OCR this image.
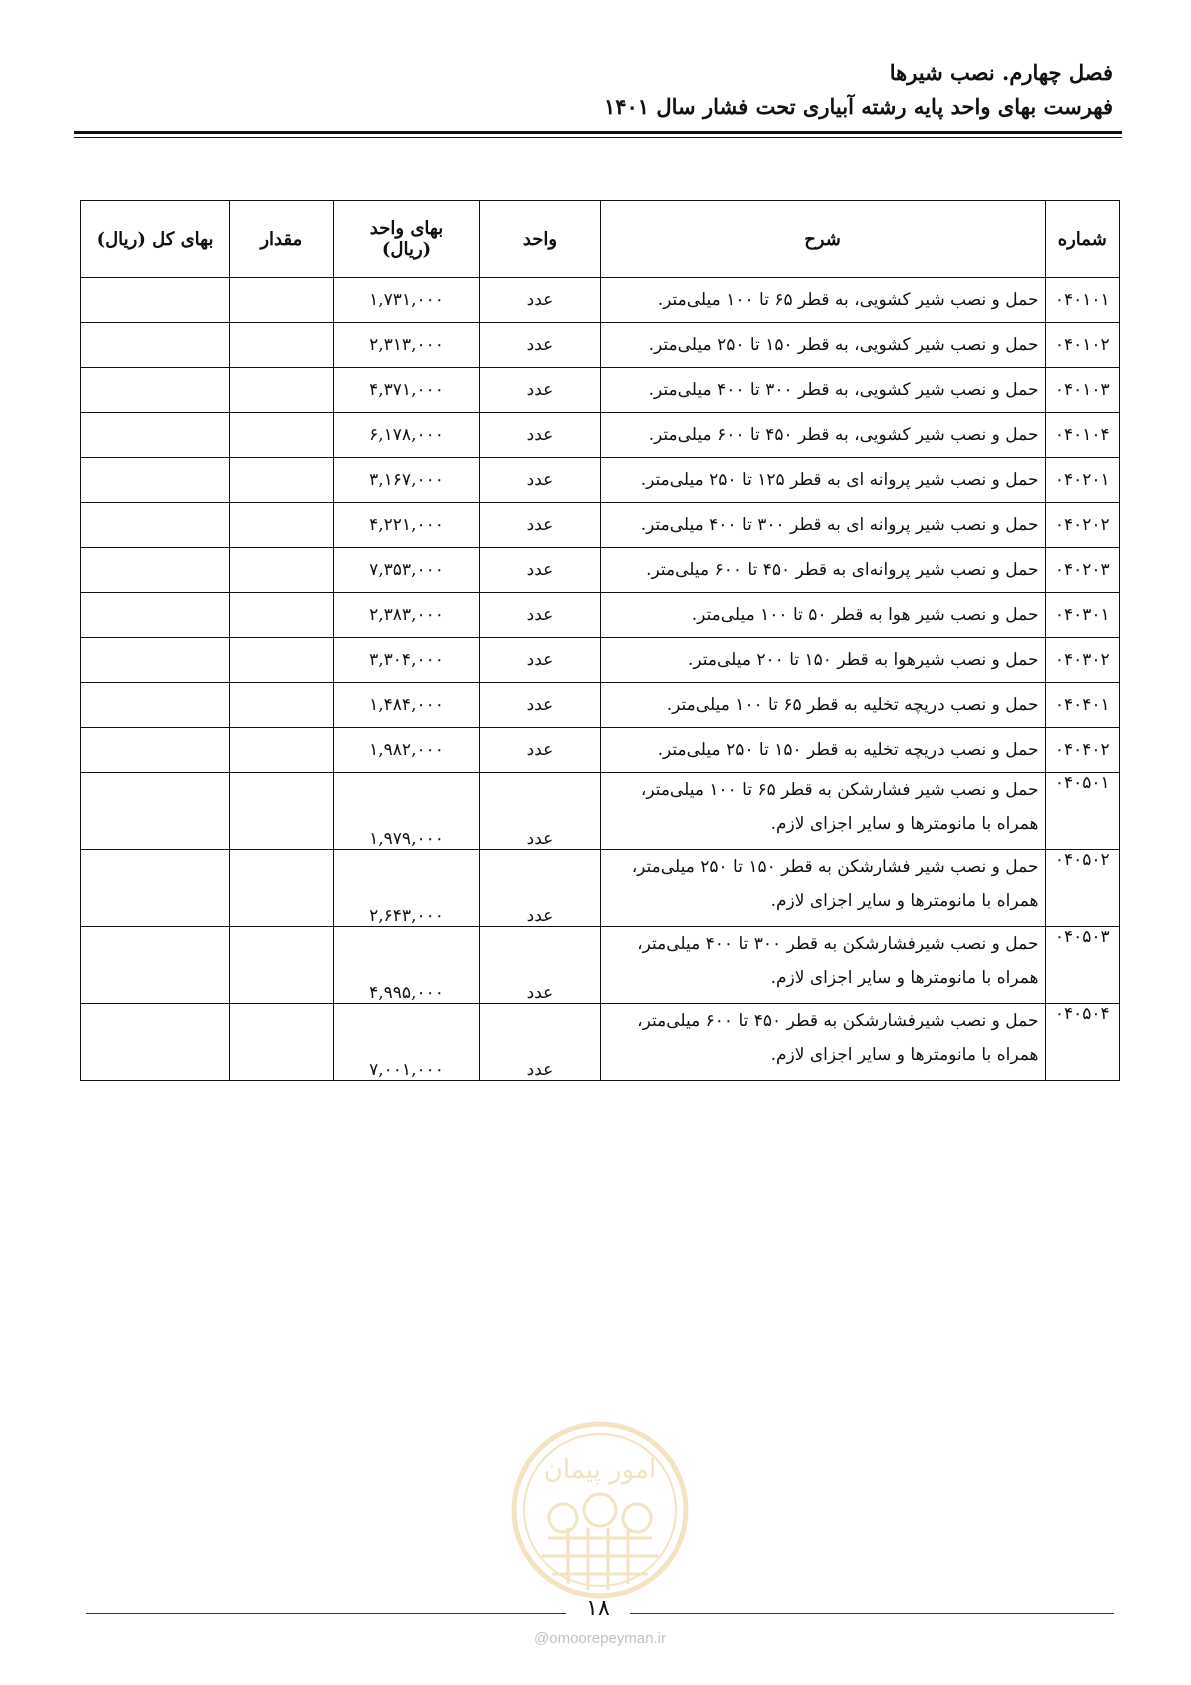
فصل چهارم. نصب شیرها
فهرست بهای واحد پایه رشته آبیاری تحت فشار سال ۱۴۰۱
شماره	شرح	واحد	بهای واحد
(ریال)	مقدار	بهای کل (ریال)
۰۴۰۱۰۱	حمل و نصب شیر کشویی، به قطر ۶۵ تا ۱۰۰ میلی‌متر.	عدد	۱,۷۳۱,۰۰۰		
۰۴۰۱۰۲	حمل و نصب شیر کشویی، به قطر ۱۵۰ تا ۲۵۰ میلی‌متر.	عدد	۲,۳۱۳,۰۰۰		
۰۴۰۱۰۳	حمل و نصب شیر کشویی، به قطر ۳۰۰ تا ۴۰۰ میلی‌متر.	عدد	۴,۳۷۱,۰۰۰		
۰۴۰۱۰۴	حمل و نصب شیر کشویی، به قطر ۴۵۰ تا ۶۰۰ میلی‌متر.	عدد	۶,۱۷۸,۰۰۰		
۰۴۰۲۰۱	حمل و نصب شیر پروانه ای به قطر ۱۲۵ تا ۲۵۰ میلی‌متر.	عدد	۳,۱۶۷,۰۰۰		
۰۴۰۲۰۲	حمل و نصب شیر پروانه ای به قطر ۳۰۰ تا ۴۰۰ میلی‌متر.	عدد	۴,۲۲۱,۰۰۰		
۰۴۰۲۰۳	حمل و نصب شیر پروانه‌ای به قطر ۴۵۰ تا ۶۰۰ میلی‌متر.	عدد	۷,۳۵۳,۰۰۰		
۰۴۰۳۰۱	حمل و نصب شیر هوا به قطر ۵۰ تا ۱۰۰ میلی‌متر.	عدد	۲,۳۸۳,۰۰۰		
۰۴۰۳۰۲	حمل و نصب شیرهوا به قطر ۱۵۰ تا ۲۰۰ میلی‌متر.	عدد	۳,۳۰۴,۰۰۰		
۰۴۰۴۰۱	حمل و نصب دریچه تخلیه به قطر ۶۵ تا ۱۰۰ میلی‌متر.	عدد	۱,۴۸۴,۰۰۰		
۰۴۰۴۰۲	حمل و نصب دریچه تخلیه به قطر ۱۵۰ تا ۲۵۰ میلی‌متر.	عدد	۱,۹۸۲,۰۰۰		
۰۴۰۵۰۱	حمل و نصب شیر فشارشکن به قطر ۶۵ تا ۱۰۰ میلی‌متر،
همراه با مانومترها و سایر اجزای لازم.	عدد	۱,۹۷۹,۰۰۰		
۰۴۰۵۰۲	حمل و نصب شیر فشارشکن به قطر ۱۵۰ تا ۲۵۰ میلی‌متر،
همراه با مانومترها و سایر اجزای لازم.	عدد	۲,۶۴۳,۰۰۰		
۰۴۰۵۰۳	حمل و نصب شیرفشارشکن به قطر ۳۰۰ تا ۴۰۰ میلی‌متر،
همراه با مانومترها و سایر اجزای لازم.	عدد	۴,۹۹۵,۰۰۰		
۰۴۰۵۰۴	حمل و نصب شیرفشارشکن به قطر ۴۵۰ تا ۶۰۰ میلی‌متر،
همراه با مانومترها و سایر اجزای لازم.	عدد	۷,۰۰۱,۰۰۰		
امور پیمان
۱۸
@omoorepeyman.ir
